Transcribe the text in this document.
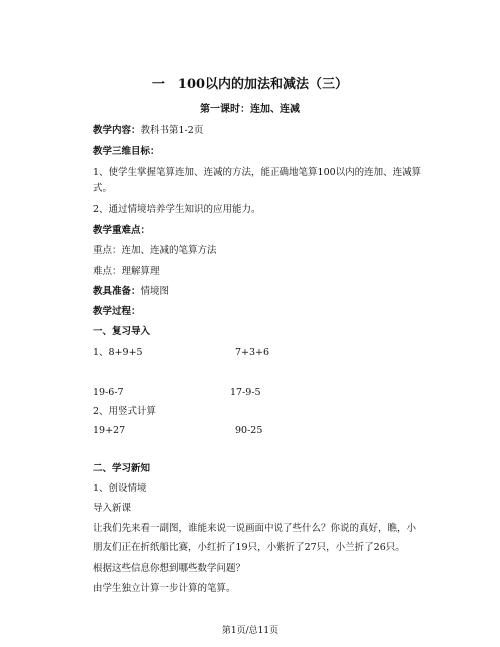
一　100以内的加法和减法（三）
第一课时：连加、连减
教学内容：教科书第1-2页
教学三维目标：
1、使学生掌握笔算连加、连减的方法，能正确地笔算100以内的连加、连减算
式。
2、通过情境培养学生知识的应用能力。
教学重难点：
重点：连加、连减的笔算方法
难点：理解算理
教具准备：情境图
教学过程：
一、复习导入
1、8+9+5	7+3+6
19-6-7	17-9-5
2、用竖式计算
19+27	90-25
二、学习新知
1、创设情境
导入新课
让我们先来看一副图，谁能来说一说画面中说了些什么？你说的真好，瞧，小
朋友们正在折纸船比赛，小红折了19只，小紫折了27只，小兰折了26只。
根据这些信息你想到哪些数学问题？
由学生独立计算一步计算的笔算。
第1页/总11页
